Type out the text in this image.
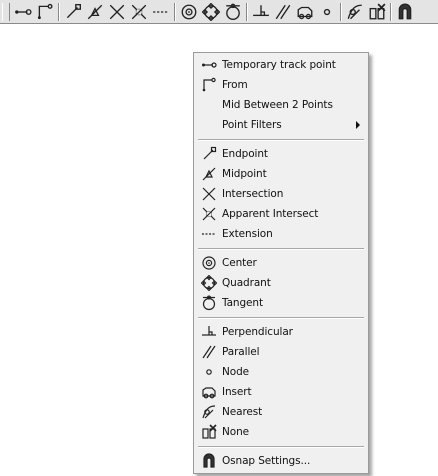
Temporary track point
From
Mid Between 2 Points
Point Filters
Endpoint
Midpoint
Intersection
Apparent Intersect
Extension
Center
Quadrant
Tangent
Perpendicular
Parallel
Node
Insert
Nearest
None
Osnap Settings...
